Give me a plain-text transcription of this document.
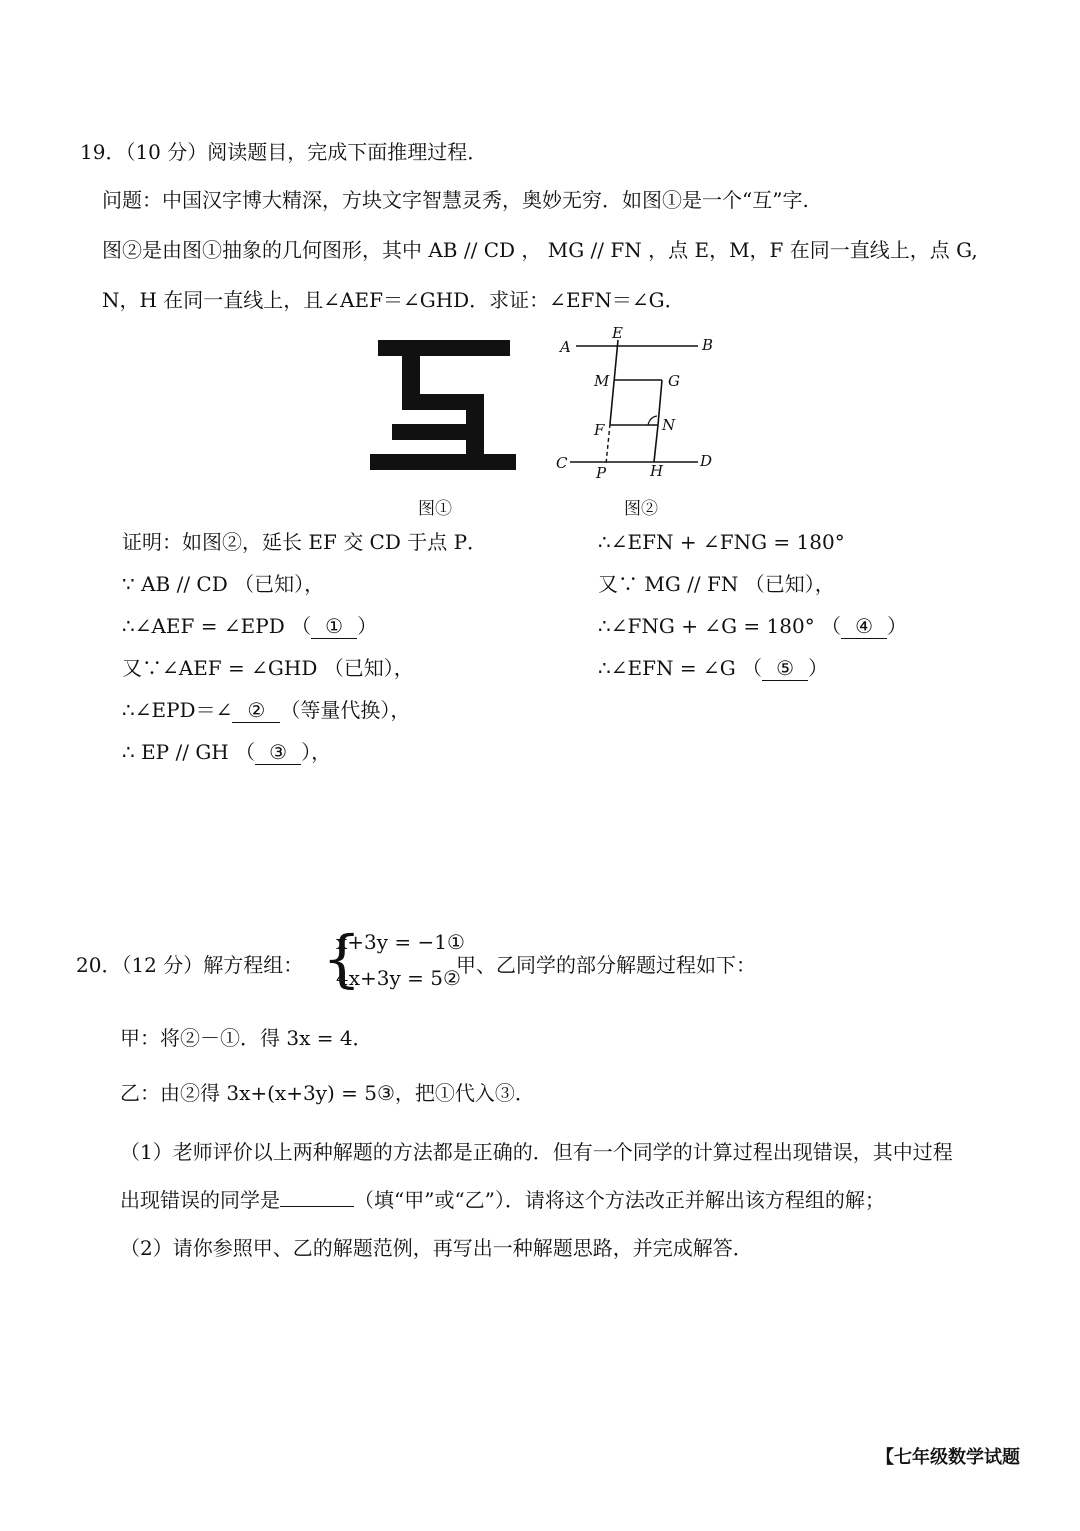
19．（10 分）阅读题目，完成下面推理过程．
问题：中国汉字博大精深，方块文字智慧灵秀，奥妙无穷．如图①是一个“互”字.
图②是由图①抽象的几何图形，其中 AB // CD ， MG // FN ，点 E，M，F 在同一直线上，点 G,
N，H 在同一直线上，且∠AEF＝∠GHD．求证：∠EFN＝∠G．
图①
A	B
E
M	G
F	N
C	D
P	H
图②
证明：如图②，延长 EF 交 CD 于点 P．
∵ AB // CD （已知），
∴∠AEF = ∠EPD （ ① ）
又∵∠AEF = ∠GHD （已知），
∴∠EPD＝∠ ② （等量代换），
∴ EP // GH （ ③ ），
∴∠EFN + ∠FNG = 180°
又∵ MG // FN （已知），
∴∠FNG + ∠G = 180° （ ④ ）
∴∠EFN = ∠G （ ⑤ ）
20．（12 分）解方程组： {
x+3y = −1①
4x+3y = 5②
甲、乙同学的部分解题过程如下：
甲：将②－①．得 3x = 4．
乙：由②得 3x+(x+3y) = 5③，把①代入③．
（1）老师评价以上两种解题的方法都是正确的．但有一个同学的计算过程出现错误，其中过程
出现错误的同学是	（填“甲”或“乙”）．请将这个方法改正并解出该方程组的解；
（2）请你参照甲、乙的解题范例，再写出一种解题思路，并完成解答．
【七年级数学试题
